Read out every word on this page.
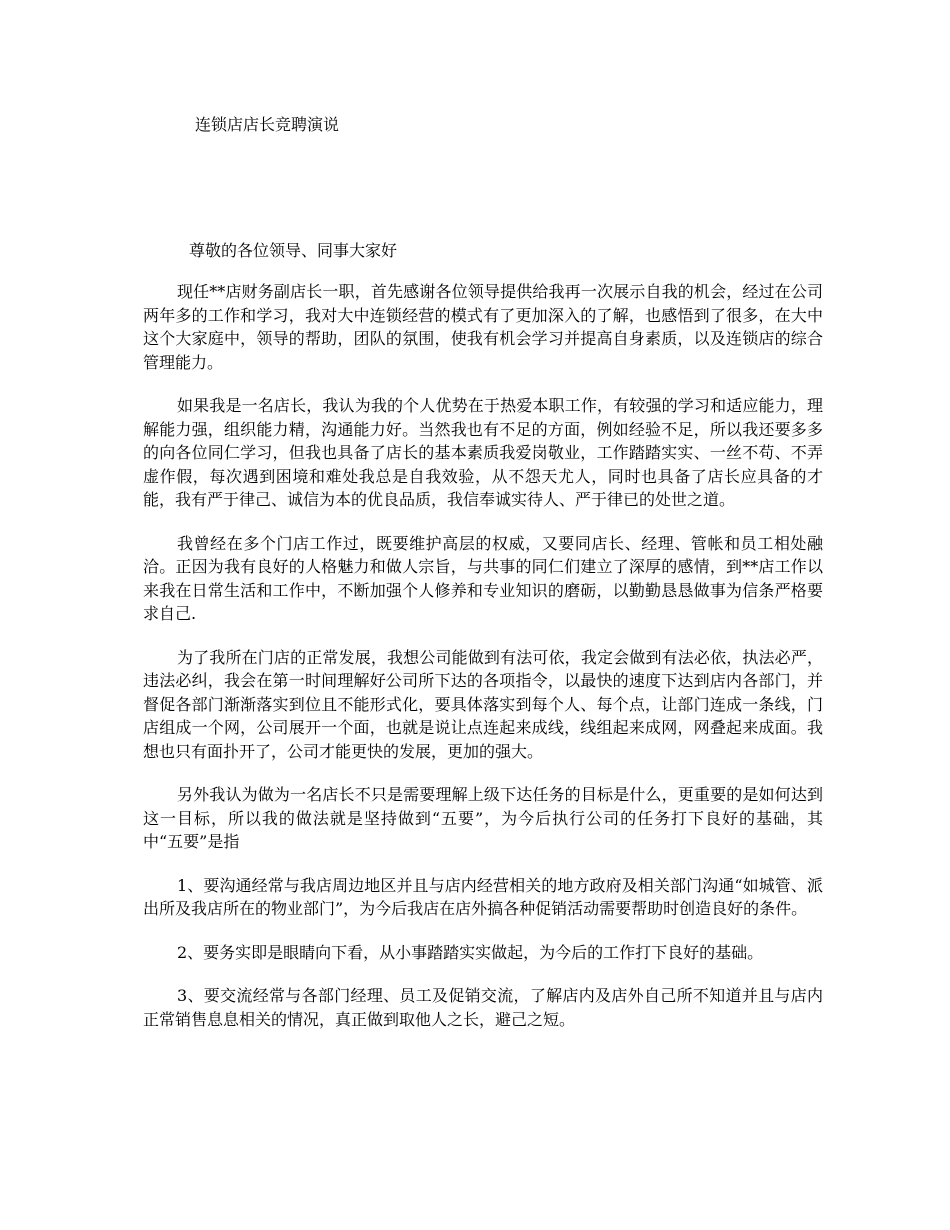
连锁店店长竞聘演说
尊敬的各位领导、同事大家好

现任**店财务副店长一职，首先感谢各位领导提供给我再一次展示自我的机会，经过在公司两年多的工作和学习，我对大中连锁经营的模式有了更加深入的了解，也感悟到了很多，在大中这个大家庭中，领导的帮助，团队的氛围，使我有机会学习并提高自身素质，以及连锁店的综合管理能力。

如果我是一名店长，我认为我的个人优势在于热爱本职工作，有较强的学习和适应能力，理解能力强，组织能力精，沟通能力好。当然我也有不足的方面，例如经验不足，所以我还要多多的向各位同仁学习，但我也具备了店长的基本素质我爱岗敬业，工作踏踏实实、一丝不苟、不弄虚作假，每次遇到困境和难处我总是自我效验，从不怨天尤人，同时也具备了店长应具备的才能，我有严于律己、诚信为本的优良品质，我信奉诚实待人、严于律已的处世之道。

我曾经在多个门店工作过，既要维护高层的权威，又要同店长、经理、管帐和员工相处融洽。正因为我有良好的人格魅力和做人宗旨，与共事的同仁们建立了深厚的感情，到**店工作以来我在日常生活和工作中，不断加强个人修养和专业知识的磨砺，以勤勤恳恳做事为信条严格要求自己.

为了我所在门店的正常发展，我想公司能做到有法可依，我定会做到有法必依，执法必严，违法必纠，我会在第一时间理解好公司所下达的各项指令，以最快的速度下达到店内各部门，并督促各部门渐渐落实到位且不能形式化，要具体落实到每个人、每个点，让部门连成一条线，门店组成一个网，公司展开一个面，也就是说让点连起来成线，线组起来成网，网叠起来成面。我想也只有面扑开了，公司才能更快的发展，更加的强大。

另外我认为做为一名店长不只是需要理解上级下达任务的目标是什么，更重要的是如何达到这一目标，所以我的做法就是坚持做到“五要”，为今后执行公司的任务打下良好的基础，其中“五要”是指

1、要沟通经常与我店周边地区并且与店内经营相关的地方政府及相关部门沟通“如城管、派出所及我店所在的物业部门”，为今后我店在店外搞各种促销活动需要帮助时创造良好的条件。

2、要务实即是眼睛向下看，从小事踏踏实实做起，为今后的工作打下良好的基础。

3、要交流经常与各部门经理、员工及促销交流，了解店内及店外自己所不知道并且与店内正常销售息息相关的情况，真正做到取他人之长，避己之短。
